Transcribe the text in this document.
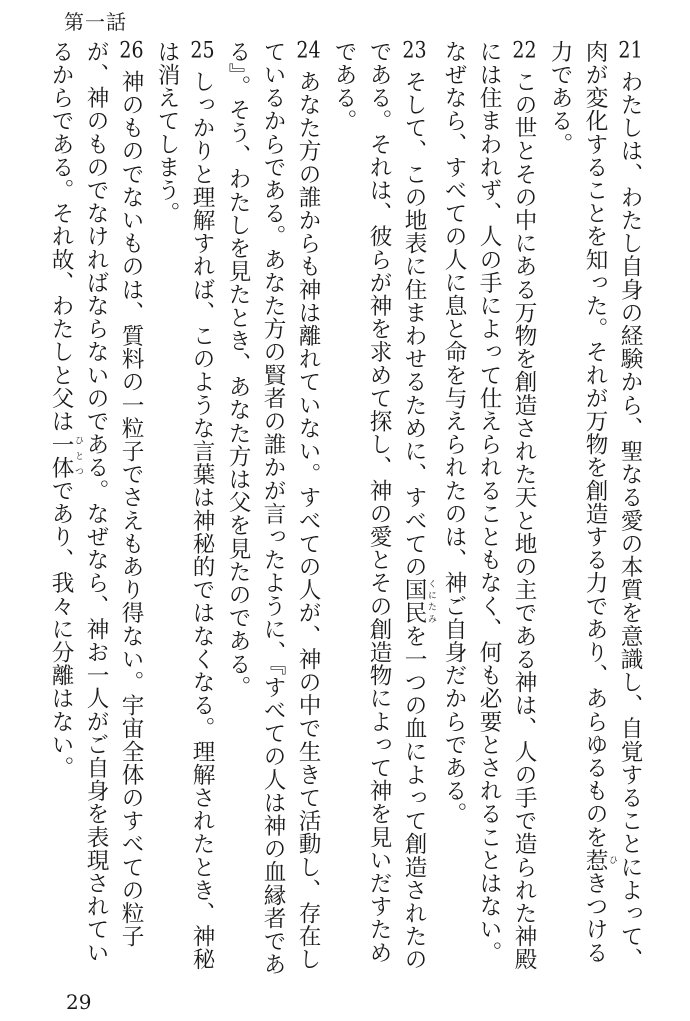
第一話

21わたしは、わたし自身の経験から、聖なる愛の本質を意識し、自覚することによって、肉が変化することを知った。それが万物を創造する力であり、あらゆるものを惹 ひきつける力である。

22この世とその中にある万物を創造された天と地の主である神は、人の手で造られた神殿には住まわれず、人の手によって仕えられることもなく、何も必要とされることはない。なぜなら、すべての人に息と命を与えられたのは、神ご自身だからである。

23そして、この地表に住まわせるために、すべての国民 くにたみを一つの血によって創造されたのである。それは、彼らが神を求めて探し、神の愛とその創造物によって神を見いだすためである。

24あなた方の誰からも神は離れていない。すべての人が、神の中で生きて活動し、存在しているからである。あなた方の賢者の誰かが言ったように、『すべての人は神の血縁者である』。そう、わたしを見たとき、あなた方は父を見たのである。

25しっかりと理解すれば、このような言葉は神秘的ではなくなる。理解されたとき、神秘は消えてしまう。

26神のものでないものは、質料の一粒子でさえもあり得ない。宇宙全体のすべての粒子が、神のものでなければならないのである。なぜなら、神お一人がご自身を表現されているからである。それ故、わたしと父は一体 ひとつであり、我々に分離はない。

29
